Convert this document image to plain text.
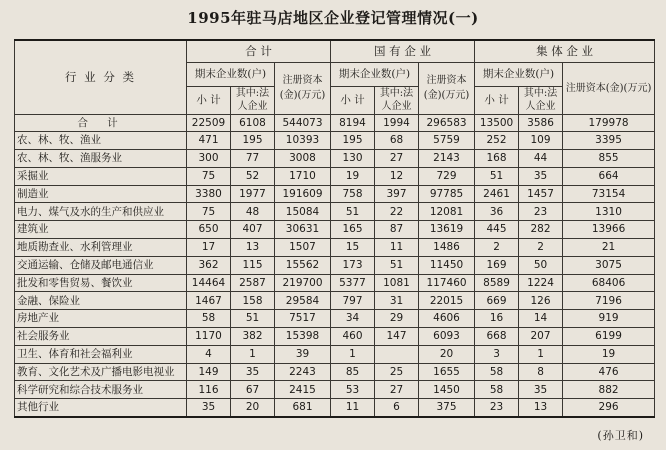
1995年驻马店地区企业登记管理情况(一)
行 业 分 类	合 计			国 有 企 业			集 体 企 业		
	期末企业数(户)		注册资本(金)(万元)	期末企业数(户)		注册资本(金)(万元)	期末企业数(户)		注册资本(金)(万元)
	小 计	其中:法人企业		小 计	其中:法人企业		小 计	其中:法人企业	
合 计	22509	6108	544073	8194	1994	296583	13500	3586	179978
农、林、牧、渔业	471	195	10393	195	68	5759	252	109	3395
农、林、牧、渔服务业	300	77	3008	130	27	2143	168	44	855
采掘业	75	52	1710	19	12	729	51	35	664
制造业	3380	1977	191609	758	397	97785	2461	1457	73154
电力、煤气及水的生产和供应业	75	48	15084	51	22	12081	36	23	1310
建筑业	650	407	30631	165	87	13619	445	282	13966
地质勘查业、水利管理业	17	13	1507	15	11	1486	2	2	21
交通运输、仓储及邮电通信业	362	115	15562	173	51	11450	169	50	3075
批发和零售贸易、餐饮业	14464	2587	219700	5377	1081	117460	8589	1224	68406
金融、保险业	1467	158	29584	797	31	22015	669	126	7196
房地产业	58	51	7517	34	29	4606	16	14	919
社会服务业	1170	382	15398	460	147	6093	668	207	6199
卫生、体育和社会福利业	4	1	39	1		20	3	1	19
教育、文化艺术及广播电影电视业	149	35	2243	85	25	1655	58	8	476
科学研究和综合技术服务业	116	67	2415	53	27	1450	58	35	882
其他行业	35	20	681	11	6	375	23	13	296
(孙卫和)
